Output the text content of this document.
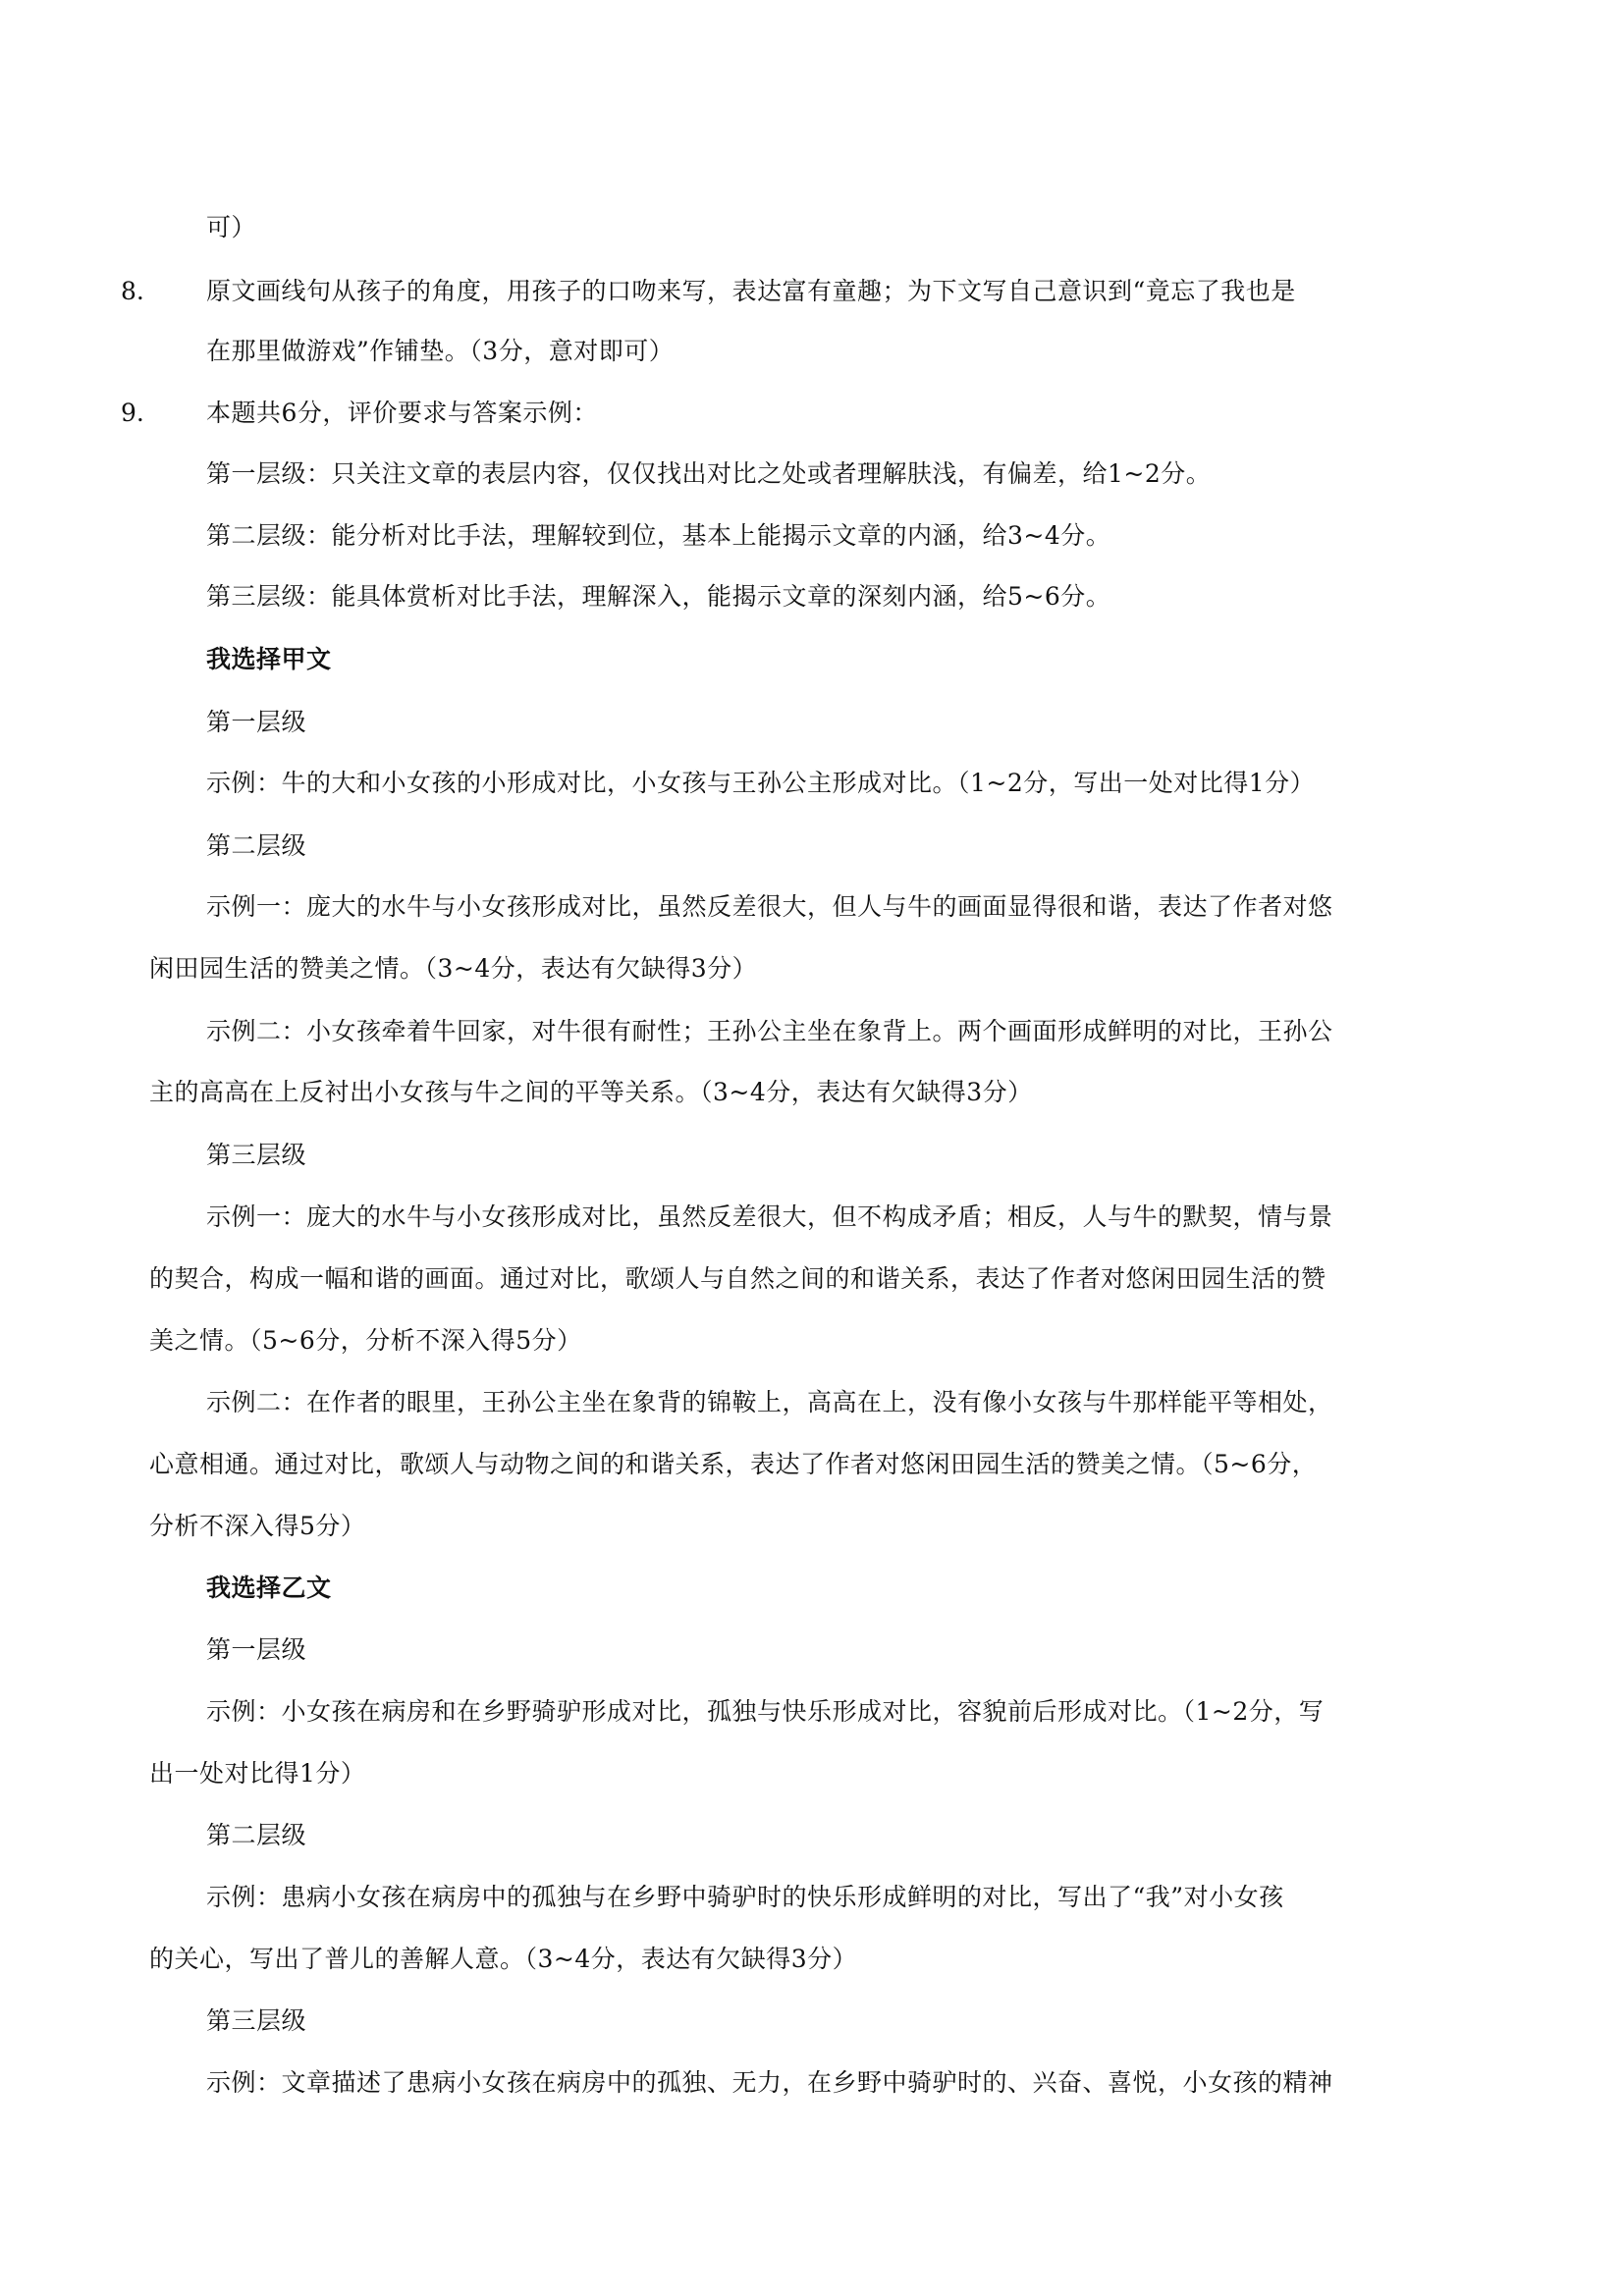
可）
8.	原文画线句从孩子的角度，用孩子的口吻来写，表达富有童趣；为下文写自己意识到“竟忘了我也是
在那里做游戏”作铺垫。（3分，意对即可）
9.	本题共6分，评价要求与答案示例：
第一层级：只关注文章的表层内容，仅仅找出对比之处或者理解肤浅，有偏差，给1~2分。
第二层级：能分析对比手法，理解较到位，基本上能揭示文章的内涵，给3~4分。
第三层级：能具体赏析对比手法，理解深入，能揭示文章的深刻内涵，给5~6分。
我选择甲文
第一层级
示例：牛的大和小女孩的小形成对比，小女孩与王孙公主形成对比。（1~2分，写出一处对比得1分）
第二层级
示例一：庞大的水牛与小女孩形成对比，虽然反差很大，但人与牛的画面显得很和谐，表达了作者对悠
闲田园生活的赞美之情。（3~4分，表达有欠缺得3分）
示例二：小女孩牵着牛回家，对牛很有耐性；王孙公主坐在象背上。两个画面形成鲜明的对比，王孙公
主的高高在上反衬出小女孩与牛之间的平等关系。（3~4分，表达有欠缺得3分）
第三层级
示例一：庞大的水牛与小女孩形成对比，虽然反差很大，但不构成矛盾；相反，人与牛的默契，情与景
的契合，构成一幅和谐的画面。通过对比，歌颂人与自然之间的和谐关系，表达了作者对悠闲田园生活的赞
美之情。（5~6分，分析不深入得5分）
示例二：在作者的眼里，王孙公主坐在象背的锦鞍上，高高在上，没有像小女孩与牛那样能平等相处，
心意相通。通过对比，歌颂人与动物之间的和谐关系，表达了作者对悠闲田园生活的赞美之情。（5~6分，
分析不深入得5分）
我选择乙文
第一层级
示例：小女孩在病房和在乡野骑驴形成对比，孤独与快乐形成对比，容貌前后形成对比。（1~2分，写
出一处对比得1分）
第二层级
示例：患病小女孩在病房中的孤独与在乡野中骑驴时的快乐形成鲜明的对比，写出了“我”对小女孩
的关心，写出了普儿的善解人意。（3~4分，表达有欠缺得3分）
第三层级
示例：文章描述了患病小女孩在病房中的孤独、无力，在乡野中骑驴时的、兴奋、喜悦，小女孩的精神
